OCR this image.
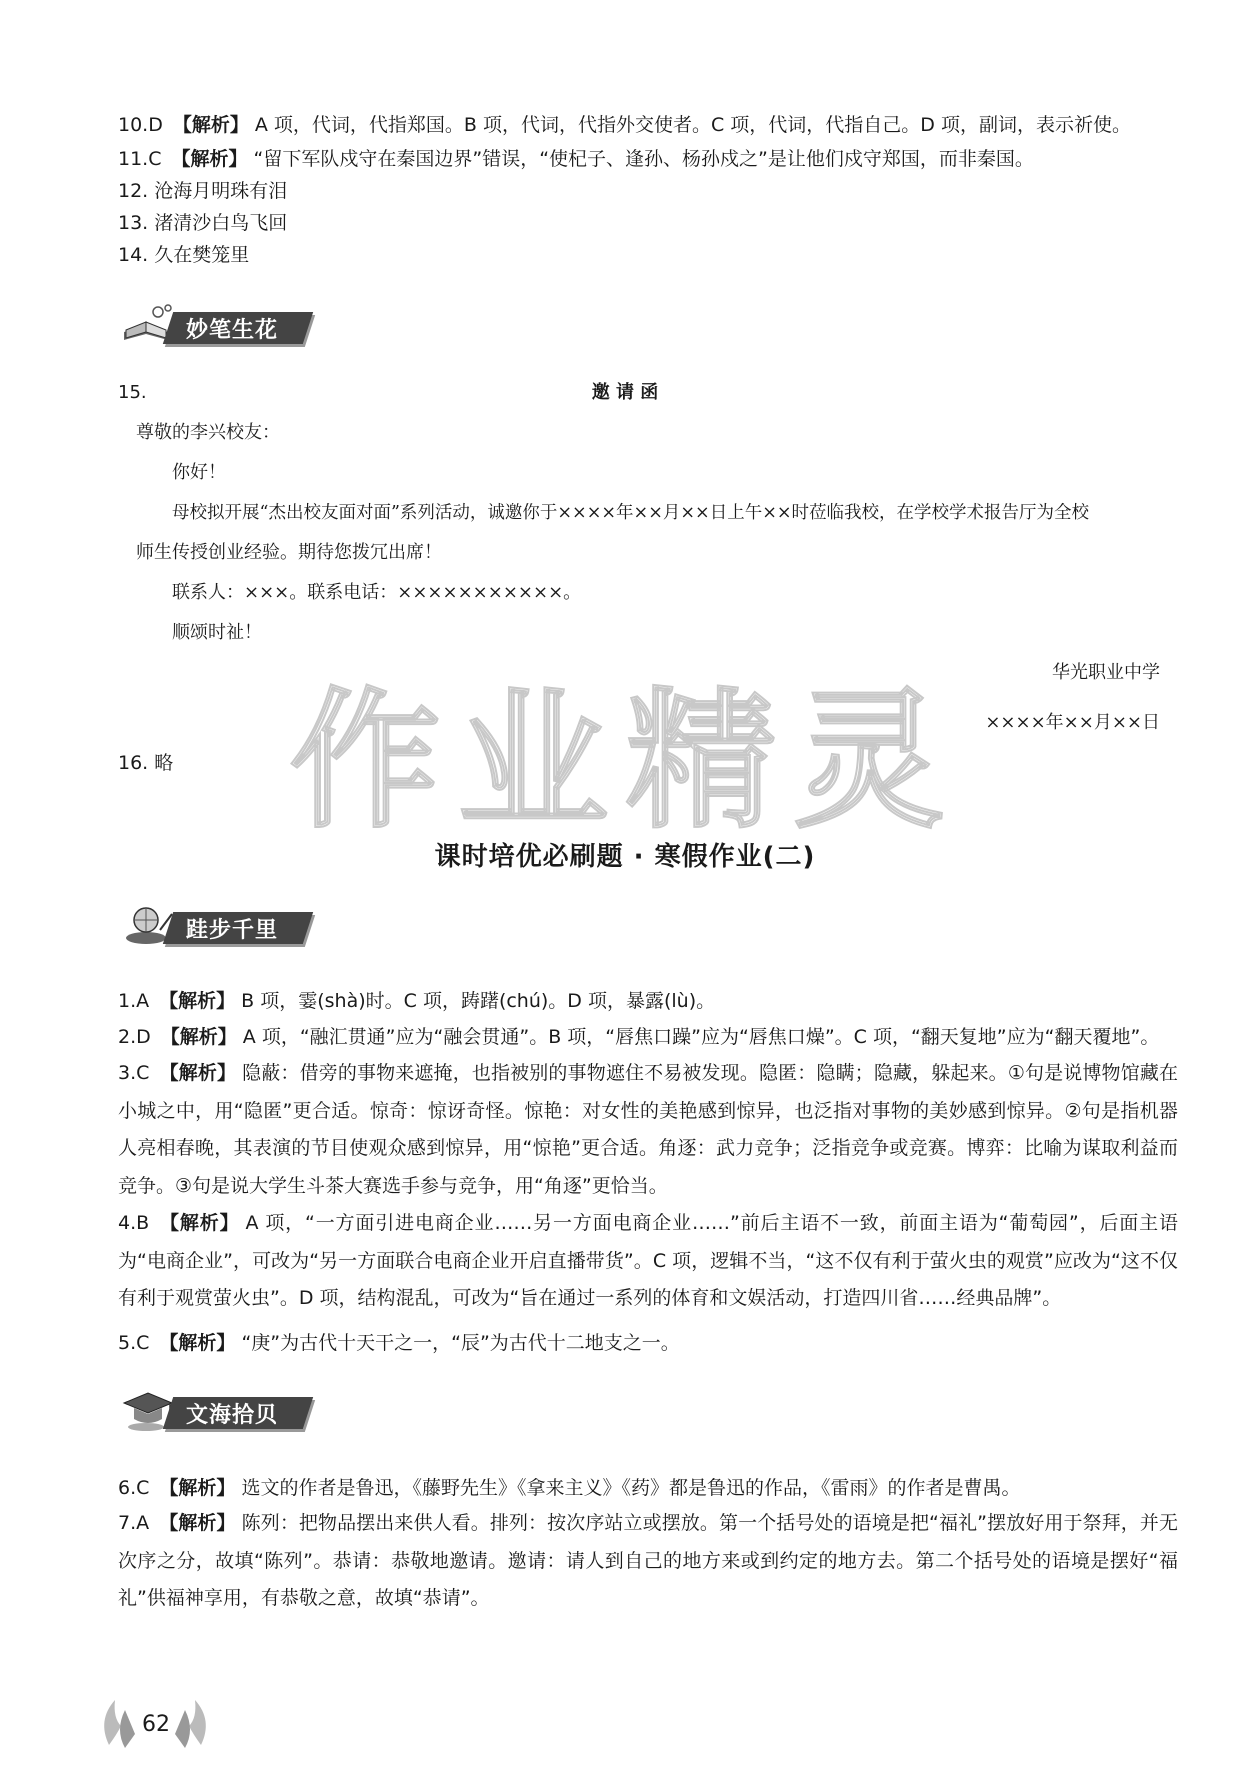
10.D 【解析】 A 项，代词，代指郑国。B 项，代词，代指外交使者。C 项，代词，代指自己。D 项，副词，表示祈使。
11.C 【解析】 “留下军队戍守在秦国边界”错误，“使杞子、逢孙、杨孙戍之”是让他们戍守郑国，而非秦国。
12. 沧海月明珠有泪
13. 渚清沙白鸟飞回
14. 久在樊笼里
妙笔生花
15.	邀 请 函
尊敬的李兴校友：
你好！
母校拟开展“杰出校友面对面”系列活动，诚邀你于××××年××月××日上午××时莅临我校，在学校学术报告厅为全校
师生传授创业经验。期待您拨冗出席！
联系人：×××。联系电话：×××××××××××。
顺颂时祉！
华光职业中学
××××年××月××日
16. 略 作业精灵
课时培优必刷题 · 寒假作业(二)
跬步千里
1.A 【解析】 B 项，霎(shà)时。C 项，踌躇(chú)。D 项，暴露(lù)。
2.D 【解析】 A 项，“融汇贯通”应为“融会贯通”。B 项，“唇焦口躁”应为“唇焦口燥”。C 项，“翻天复地”应为“翻天覆地”。
3.C 【解析】 隐蔽：借旁的事物来遮掩，也指被别的事物遮住不易被发现。隐匿：隐瞒；隐藏，躲起来。①句是说博物馆藏在小城之中，用“隐匿”更合适。惊奇：惊讶奇怪。惊艳：对女性的美艳感到惊异，也泛指对事物的美妙感到惊异。②句是指机器人亮相春晚，其表演的节目使观众感到惊异，用“惊艳”更合适。角逐：武力竞争；泛指竞争或竞赛。博弈：比喻为谋取利益而竞争。③句是说大学生斗茶大赛选手参与竞争，用“角逐”更恰当。
4.B 【解析】 A 项，“一方面引进电商企业……另一方面电商企业……”前后主语不一致，前面主语为“葡萄园”，后面主语为“电商企业”，可改为“另一方面联合电商企业开启直播带货”。C 项，逻辑不当，“这不仅有利于萤火虫的观赏”应改为“这不仅有利于观赏萤火虫”。D 项，结构混乱，可改为“旨在通过一系列的体育和文娱活动，打造四川省……经典品牌”。
5.C 【解析】 “庚”为古代十天干之一，“辰”为古代十二地支之一。
文海拾贝
6.C 【解析】 选文的作者是鲁迅，《藤野先生》《拿来主义》《药》都是鲁迅的作品，《雷雨》的作者是曹禺。
7.A 【解析】 陈列：把物品摆出来供人看。排列：按次序站立或摆放。第一个括号处的语境是把“福礼”摆放好用于祭拜，并无次序之分，故填“陈列”。恭请：恭敬地邀请。邀请：请人到自己的地方来或到约定的地方去。第二个括号处的语境是摆好“福礼”供福神享用，有恭敬之意，故填“恭请”。
62
